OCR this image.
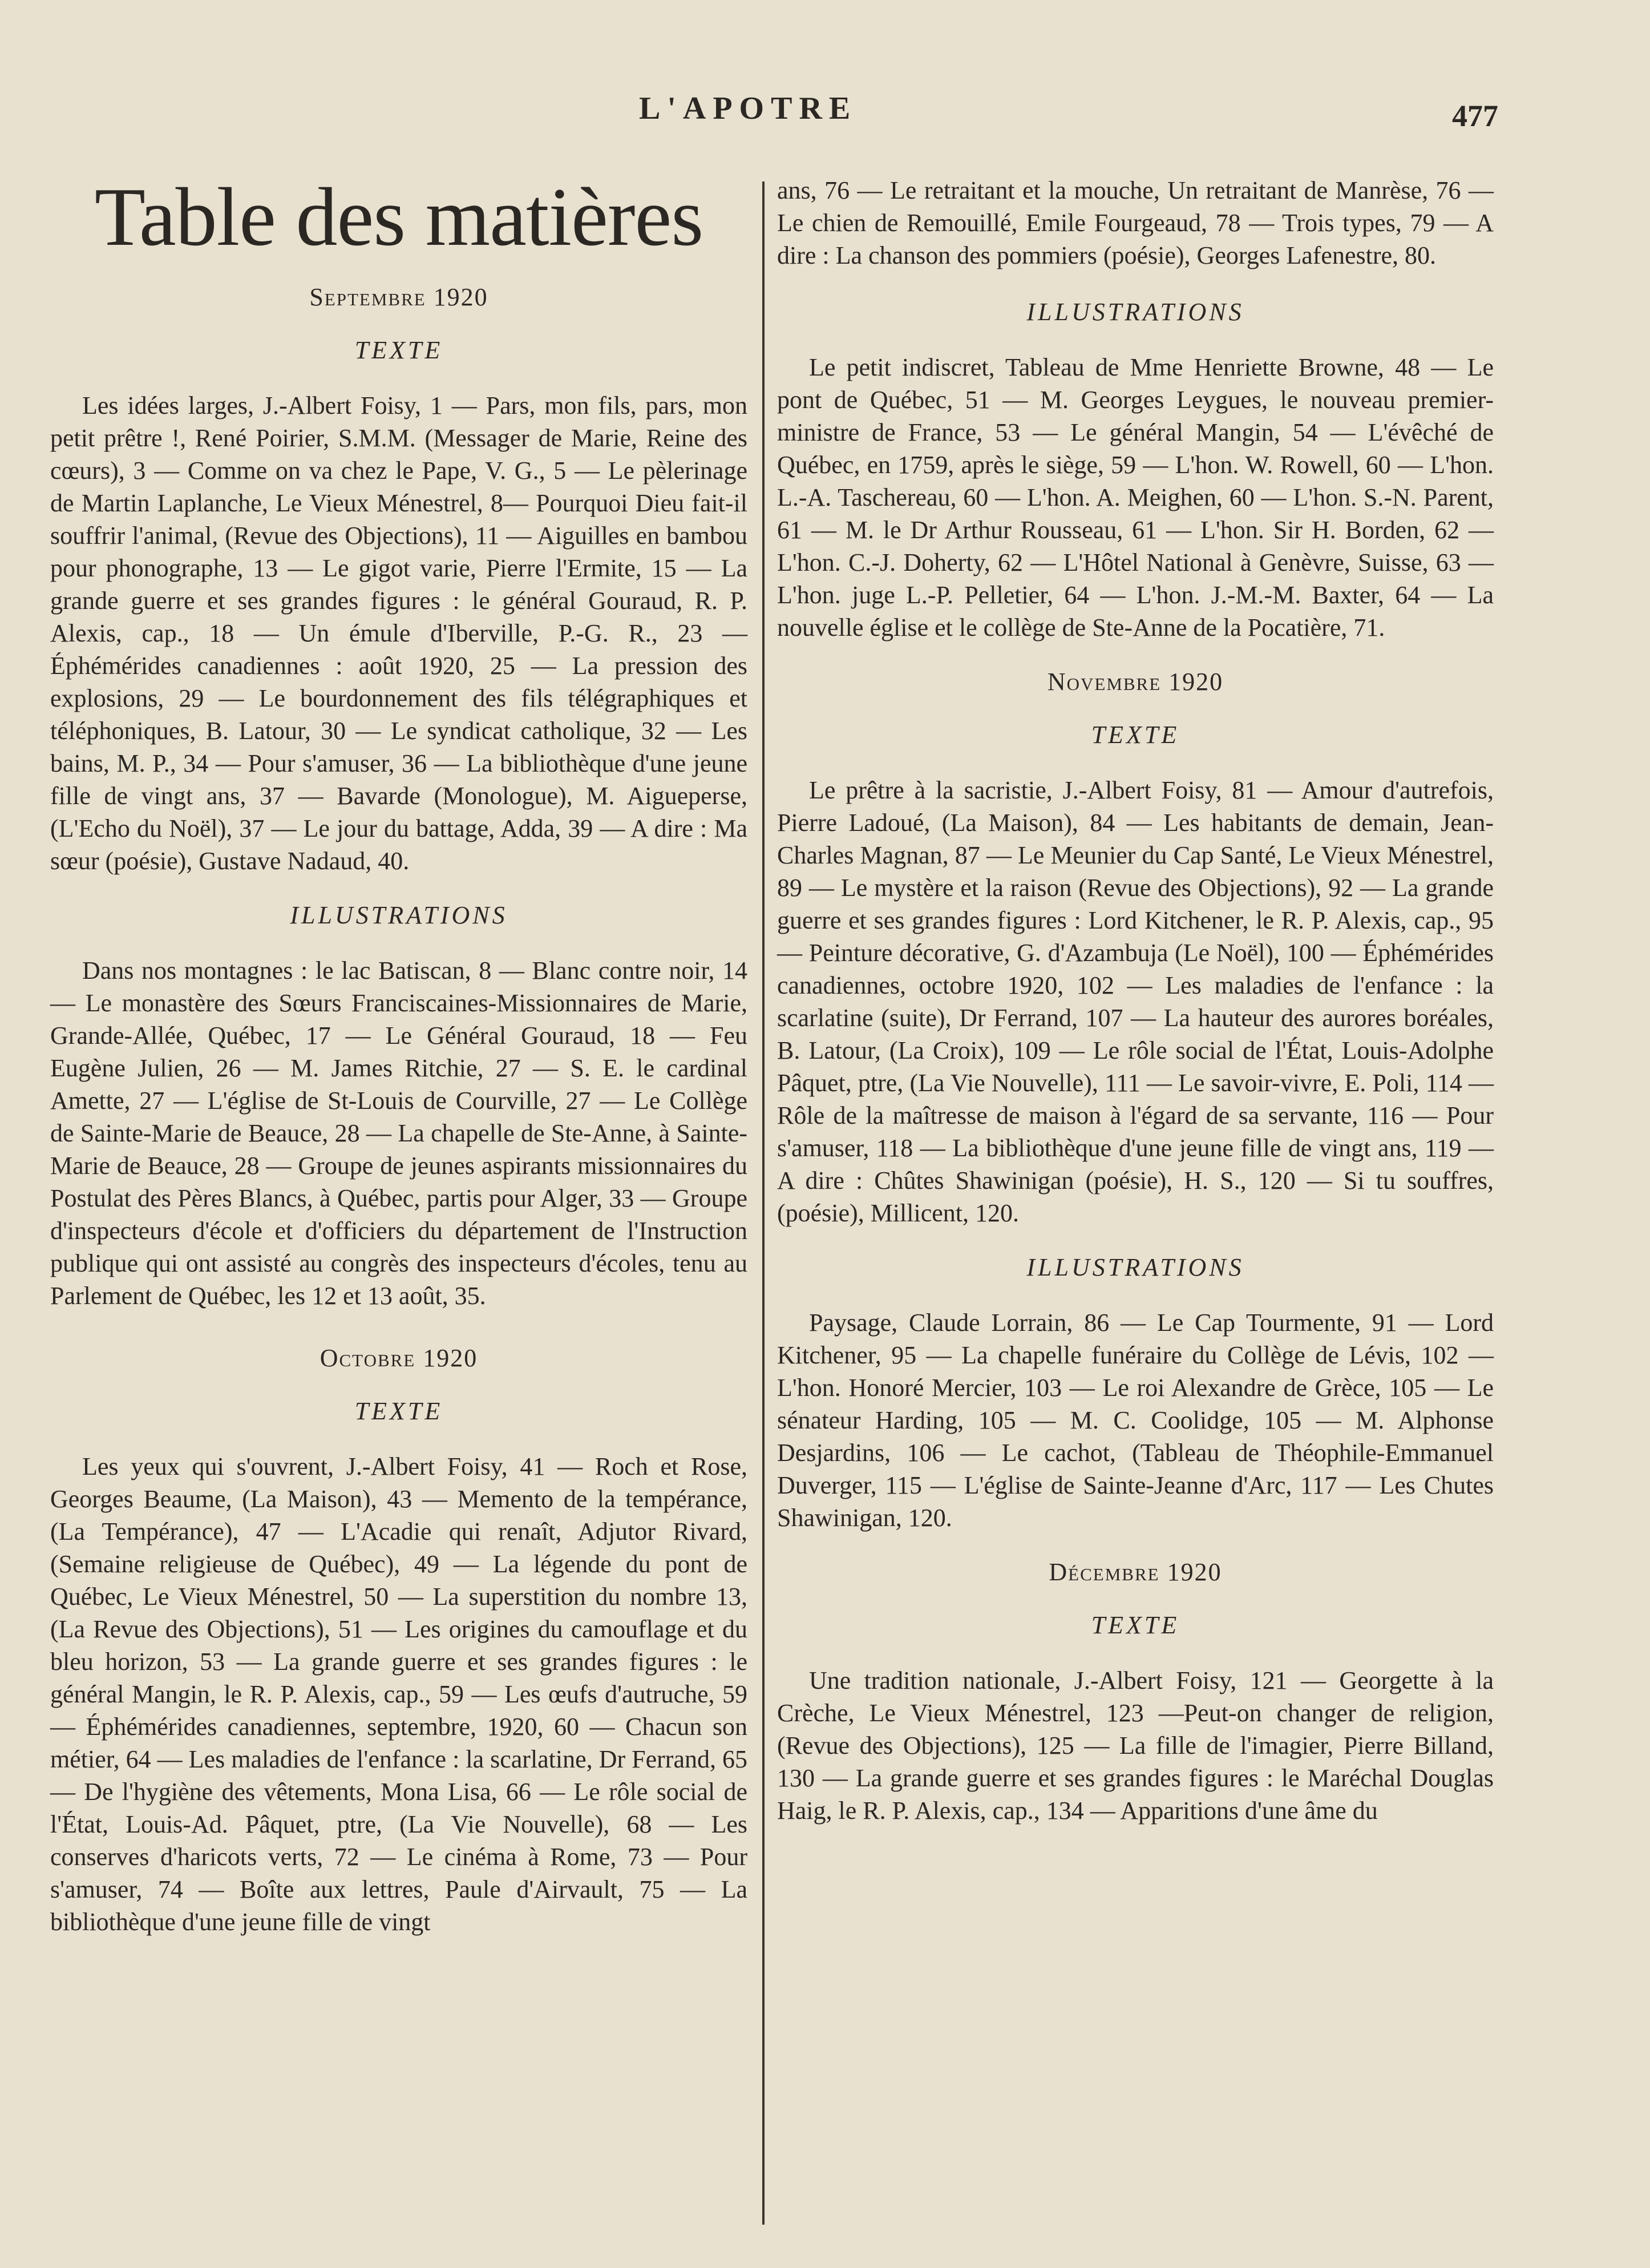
L'APOTRE	477
Table des matières
Septembre 1920
TEXTE

Les idées larges, J.-Albert Foisy, 1 — Pars, mon fils, pars, mon petit prêtre !, René Poirier, S.M.M. (Messager de Marie, Reine des cœurs), 3 — Comme on va chez le Pape, V. G., 5 — Le pèlerinage de Martin Laplanche, Le Vieux Ménestrel, 8— Pourquoi Dieu fait-il souffrir l'animal, (Revue des Objections), 11 — Aiguilles en bambou pour phonographe, 13 — Le gigot varie, Pierre l'Ermite, 15 — La grande guerre et ses grandes figures : le général Gouraud, R. P. Alexis, cap., 18 — Un émule d'Iberville, P.-G. R., 23 — Éphémérides canadiennes : août 1920, 25 — La pression des explosions, 29 — Le bourdonnement des fils télégraphiques et téléphoniques, B. Latour, 30 — Le syndicat catholique, 32 — Les bains, M. P., 34 — Pour s'amuser, 36 — La bibliothèque d'une jeune fille de vingt ans, 37 — Bavarde (Monologue), M. Aigueperse, (L'Echo du Noël), 37 — Le jour du battage, Adda, 39 — A dire : Ma sœur (poésie), Gustave Nadaud, 40.

ILLUSTRATIONS

Dans nos montagnes : le lac Batiscan, 8 — Blanc contre noir, 14 — Le monastère des Sœurs Franciscaines-Missionnaires de Marie, Grande-Allée, Québec, 17 — Le Général Gouraud, 18 — Feu Eugène Julien, 26 — M. James Ritchie, 27 — S. E. le cardinal Amette, 27 — L'église de St-Louis de Courville, 27 — Le Collège de Sainte-Marie de Beauce, 28 — La chapelle de Ste-Anne, à Sainte-Marie de Beauce, 28 — Groupe de jeunes aspirants missionnaires du Postulat des Pères Blancs, à Québec, partis pour Alger, 33 — Groupe d'inspecteurs d'école et d'officiers du département de l'Instruction publique qui ont assisté au congrès des inspecteurs d'écoles, tenu au Parlement de Québec, les 12 et 13 août, 35.

Octobre 1920
TEXTE

Les yeux qui s'ouvrent, J.-Albert Foisy, 41 — Roch et Rose, Georges Beaume, (La Maison), 43 — Memento de la tempérance, (La Tempérance), 47 — L'Acadie qui renaît, Adjutor Rivard, (Semaine religieuse de Québec), 49 — La légende du pont de Québec, Le Vieux Ménestrel, 50 — La superstition du nombre 13, (La Revue des Objections), 51 — Les origines du camouflage et du bleu horizon, 53 — La grande guerre et ses grandes figures : le général Mangin, le R. P. Alexis, cap., 59 — Les œufs d'autruche, 59 — Éphémérides canadiennes, septembre, 1920, 60 — Chacun son métier, 64 — Les maladies de l'enfance : la scarlatine, Dr Ferrand, 65 — De l'hygiène des vêtements, Mona Lisa, 66 — Le rôle social de l'État, Louis-Ad. Pâquet, ptre, (La Vie Nouvelle), 68 — Les conserves d'haricots verts, 72 — Le cinéma à Rome, 73 — Pour s'amuser, 74 — Boîte aux lettres, Paule d'Airvault, 75 — La bibliothèque d'une jeune fille de vingt

ans, 76 — Le retraitant et la mouche, Un retraitant de Manrèse, 76 — Le chien de Remouillé, Emile Fourgeaud, 78 — Trois types, 79 — A dire : La chanson des pommiers (poésie), Georges Lafenestre, 80.

ILLUSTRATIONS

Le petit indiscret, Tableau de Mme Henriette Browne, 48 — Le pont de Québec, 51 — M. Georges Leygues, le nouveau premier-ministre de France, 53 — Le général Mangin, 54 — L'évêché de Québec, en 1759, après le siège, 59 — L'hon. W. Rowell, 60 — L'hon. L.-A. Taschereau, 60 — L'hon. A. Meighen, 60 — L'hon. S.-N. Parent, 61 — M. le Dr Arthur Rousseau, 61 — L'hon. Sir H. Borden, 62 — L'hon. C.-J. Doherty, 62 — L'Hôtel National à Genèvre, Suisse, 63 — L'hon. juge L.-P. Pelletier, 64 — L'hon. J.-M.-M. Baxter, 64 — La nouvelle église et le collège de Ste-Anne de la Pocatière, 71.

Novembre 1920
TEXTE

Le prêtre à la sacristie, J.-Albert Foisy, 81 — Amour d'autrefois, Pierre Ladoué, (La Maison), 84 — Les habitants de demain, Jean-Charles Magnan, 87 — Le Meunier du Cap Santé, Le Vieux Ménestrel, 89 — Le mystère et la raison (Revue des Objections), 92 — La grande guerre et ses grandes figures : Lord Kitchener, le R. P. Alexis, cap., 95 — Peinture décorative, G. d'Azambuja (Le Noël), 100 — Éphémérides canadiennes, octobre 1920, 102 — Les maladies de l'enfance : la scarlatine (suite), Dr Ferrand, 107 — La hauteur des aurores boréales, B. Latour, (La Croix), 109 — Le rôle social de l'État, Louis-Adolphe Pâquet, ptre, (La Vie Nouvelle), 111 — Le savoir-vivre, E. Poli, 114 — Rôle de la maîtresse de maison à l'égard de sa servante, 116 — Pour s'amuser, 118 — La bibliothèque d'une jeune fille de vingt ans, 119 — A dire : Chûtes Shawinigan (poésie), H. S., 120 — Si tu souffres, (poésie), Millicent, 120.

ILLUSTRATIONS

Paysage, Claude Lorrain, 86 — Le Cap Tourmente, 91 — Lord Kitchener, 95 — La chapelle funéraire du Collège de Lévis, 102 — L'hon. Honoré Mercier, 103 — Le roi Alexandre de Grèce, 105 — Le sénateur Harding, 105 — M. C. Coolidge, 105 — M. Alphonse Desjardins, 106 — Le cachot, (Tableau de Théophile-Emmanuel Duverger, 115 — L'église de Sainte-Jeanne d'Arc, 117 — Les Chutes Shawinigan, 120.

Décembre 1920
TEXTE

Une tradition nationale, J.-Albert Foisy, 121 — Georgette à la Crèche, Le Vieux Ménestrel, 123 —Peut-on changer de religion, (Revue des Objections), 125 — La fille de l'imagier, Pierre Billand, 130 — La grande guerre et ses grandes figures : le Maréchal Douglas Haig, le R. P. Alexis, cap., 134 — Apparitions d'une âme du
